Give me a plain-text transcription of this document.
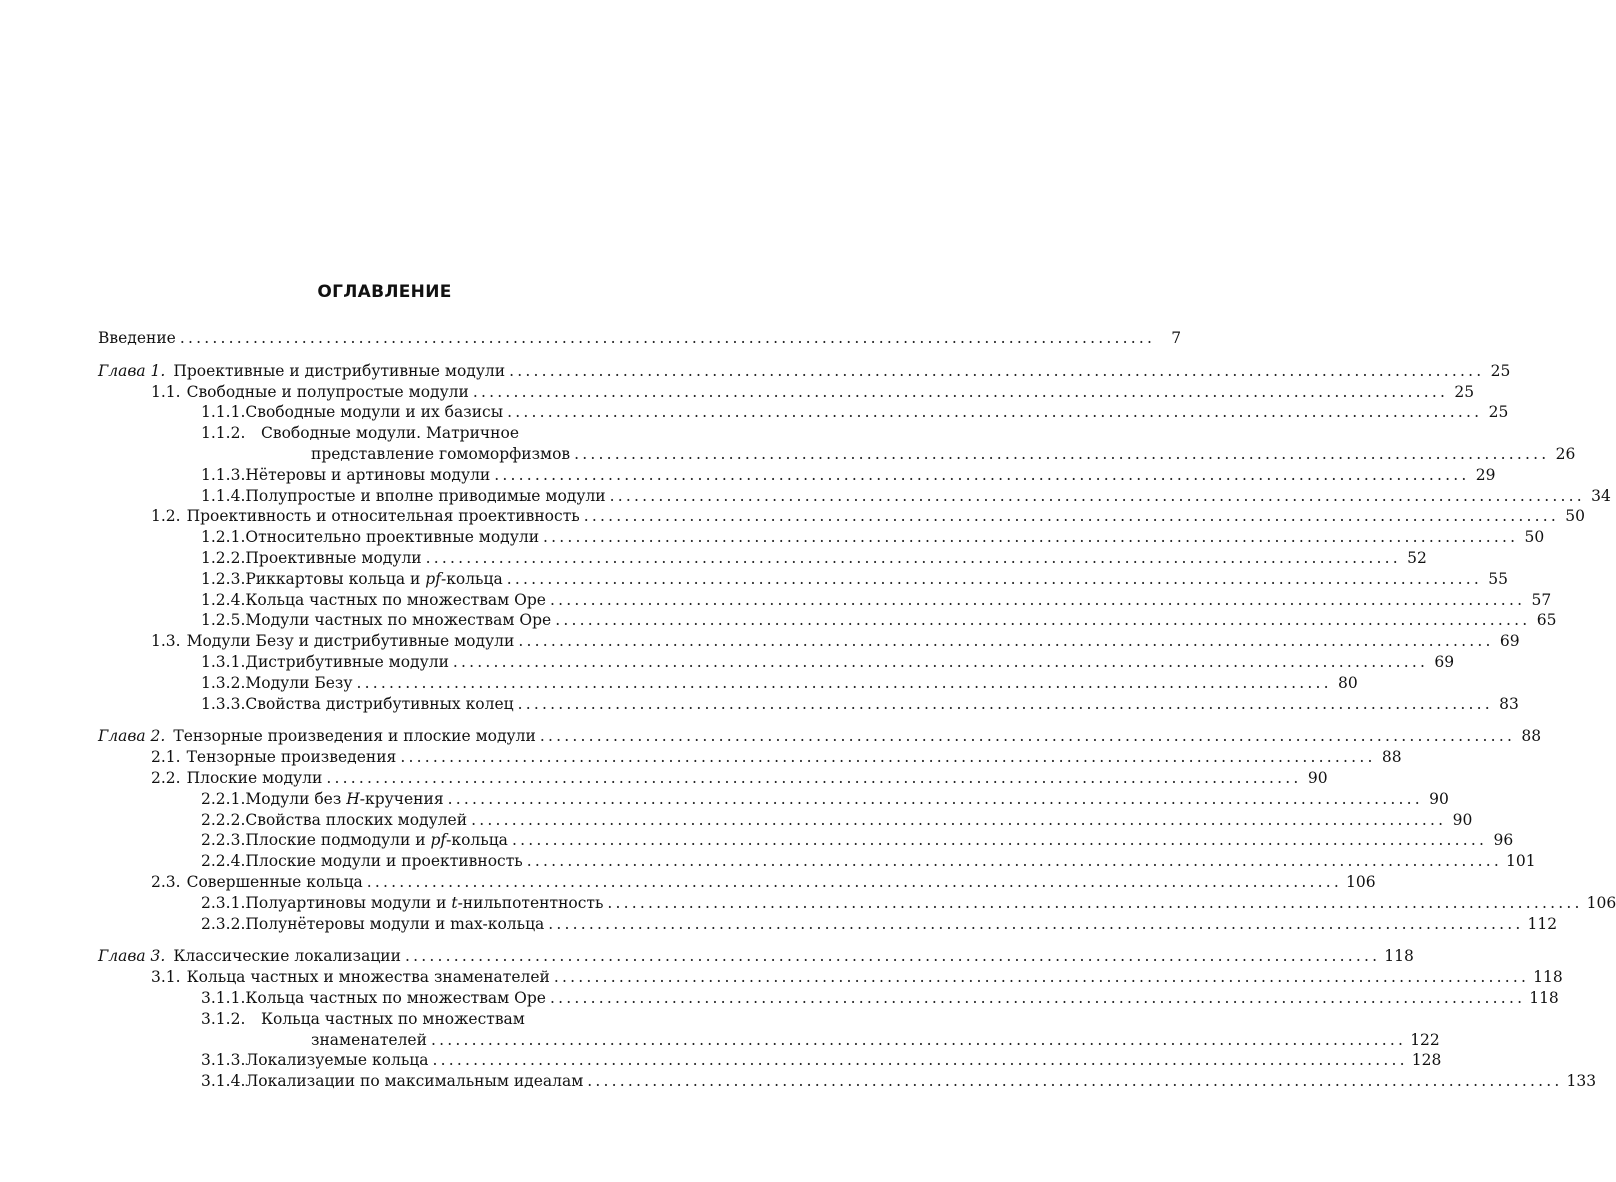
ОГЛАВЛЕНИЕ
Введение ........................................................................................................................	7
Глава 1. Проективные и дистрибутивные модули ........................................................................................................................ 25
1.1. Свободные и полупростые модули ........................................................................................................................ 25
1.1.1. Свободные модули и их базисы ........................................................................................................................ 25
1.1.2.	Свободные модули. Матричное
представление гомоморфизмов ........................................................................................................................ 26
1.1.3. Нётеровы и артиновы модули ........................................................................................................................ 29
1.1.4. Полупростые и вполне приводимые модули ........................................................................................................................ 34
1.2. Проективность и относительная проективность ........................................................................................................................ 50
1.2.1. Относительно проективные модули ........................................................................................................................ 50
1.2.2. Проективные модули ........................................................................................................................ 52
1.2.3. Риккартовы кольца и pf-кольца ........................................................................................................................ 55
1.2.4. Кольца частных по множествам Оре ........................................................................................................................ 57
1.2.5. Модули частных по множествам Оре ........................................................................................................................ 65
1.3. Модули Безу и дистрибутивные модули ........................................................................................................................ 69
1.3.1. Дистрибутивные модули ........................................................................................................................ 69
1.3.2. Модули Безу ........................................................................................................................ 80
1.3.3. Свойства дистрибутивных колец ........................................................................................................................ 83
Глава 2. Тензорные произведения и плоские модули ........................................................................................................................ 88
2.1. Тензорные произведения ........................................................................................................................ 88
2.2. Плоские модули ........................................................................................................................ 90
2.2.1. Модули без H-кручения ........................................................................................................................ 90
2.2.2. Свойства плоских модулей ........................................................................................................................ 90
2.2.3. Плоские подмодули и pf-кольца ........................................................................................................................ 96
2.2.4. Плоские модули и проективность ........................................................................................................................ 101
2.3. Совершенные кольца ........................................................................................................................ 106
2.3.1. Полуартиновы модули и t-нильпотентность ........................................................................................................................ 106
2.3.2. Полунётеровы модули и max-кольца ........................................................................................................................ 112
Глава 3. Классические локализации ........................................................................................................................ 118
3.1. Кольца частных и множества знаменателей ........................................................................................................................ 118
3.1.1. Кольца частных по множествам Оре ........................................................................................................................ 118
3.1.2.	Кольца частных по множествам
знаменателей ........................................................................................................................ 122
3.1.3. Локализуемые кольца ........................................................................................................................ 128
3.1.4. Локализации по максимальным идеалам ........................................................................................................................ 133
